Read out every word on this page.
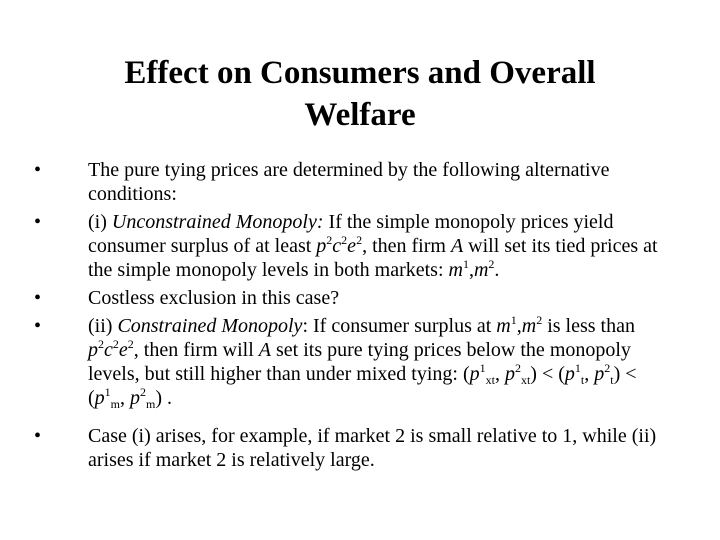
Effect on Consumers and Overall
Welfare
•	The pure tying prices are determined by the following alternative conditions:
•	(i) Unconstrained Monopoly: If the simple monopoly prices yield consumer surplus of at least $p^2c^2e^2$, then firm A will set its tied prices at the simple monopoly levels in both markets: $m^1,m^2$.
•	Costless exclusion in this case?
•	(ii) Constrained Monopoly: If consumer surplus at $m^1,m^2$ is less than $p^2c^2e^2$, then firm will A set its pure tying prices below the monopoly levels, but still higher than under mixed tying: ($p^1_{xt}$, $p^2_{xt}) < (p^1_t$, $p^2_t) < (p^1_m$, $p^2_m$) .
•	Case (i) arises, for example, if market 2 is small relative to 1, while (ii) arises if market 2 is relatively large.
